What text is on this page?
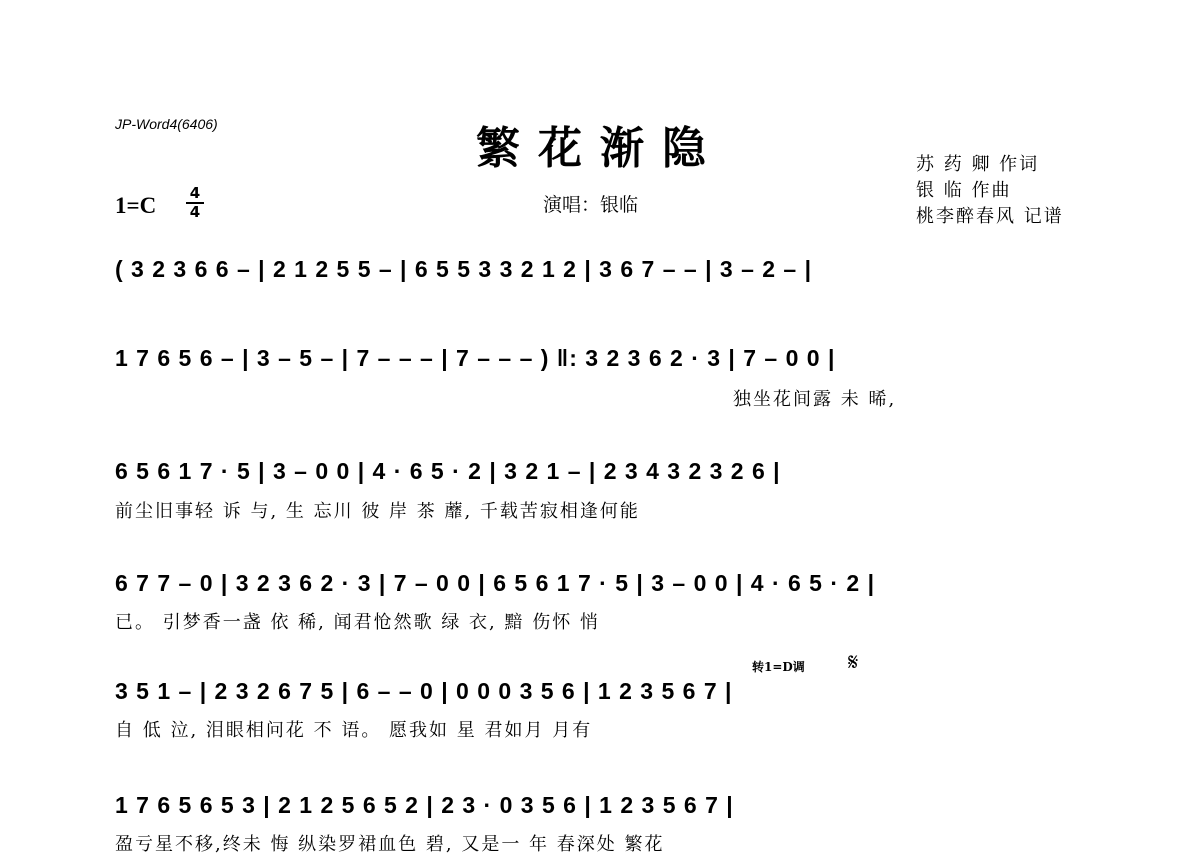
JP-Word4(6406)	繁花渐隐
1=C 4
4	演唱：银临
苏 药 卿 作词
银 临 作曲
桃李醉春风 记谱
转1=D调 𝄋
( 3 2 3 6 6 – | 2 1 2 5 5 – | 6 5 5 3 3 2 1 2 | 3 6 7 – – | 3 – 2 – |
1 7 6 5 6 – | 3 – 5 – | 7 – – – | 7 – – – ) ‖: 3 2 3 6 2 · 3 | 7 – 0 0 |
6 5 6 1 7 · 5 | 3 – 0 0 | 4 · 6 5 · 2 | 3 2 1 – | 2 3 4 3 2 3 2 6 |
6 7 7 – 0 | 3 2 3 6 2 · 3 | 7 – 0 0 | 6 5 6 1 7 · 5 | 3 – 0 0 | 4 · 6 5 · 2 |
3 5 1 – | 2 3 2 6 7 5 | 6 – – 0 | 0 0 0 3 5 6 | 1 2 3 5 6 7 |
1 7 6 5 6 5 3 | 2 1 2 5 6 5 2 | 2 3 · 0 3 5 6 | 1 2 3 5 6 7 |
独坐花间露 未 晞,
前尘旧事轻 诉 与, 生 忘川 彼 岸 茶 蘼, 千载苦寂相逢何能
已。 引梦香一盏 依 稀, 闻君怆然歌 绿 衣, 黯 伤怀 悄
自 低 泣, 泪眼相问花 不 语。 愿我如 星 君如月 月有
盈亏星不移,终未 悔 纵染罗裙血色 碧, 又是一 年 春深处 繁花
